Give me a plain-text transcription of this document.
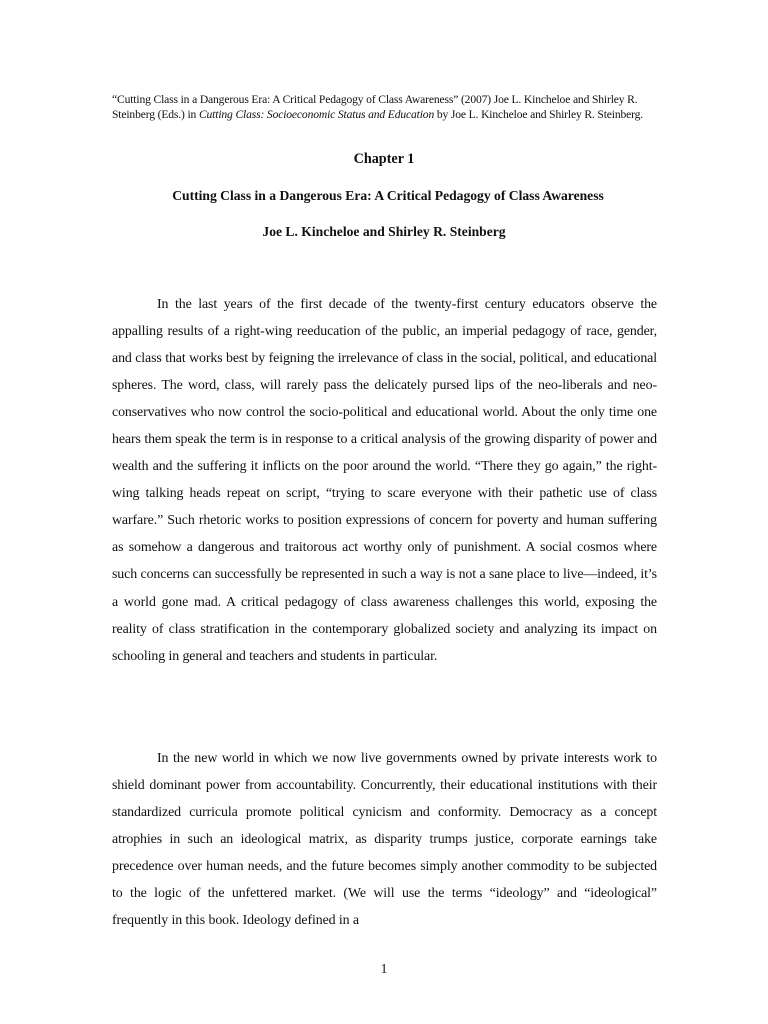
“Cutting Class in a Dangerous Era: A Critical Pedagogy of Class Awareness” (2007) Joe L. Kincheloe and Shirley R. Steinberg (Eds.) in Cutting Class: Socioeconomic Status and Education by Joe L. Kincheloe and Shirley R. Steinberg.

Chapter 1

Cutting Class in a Dangerous Era: A Critical Pedagogy of Class Awareness

Joe L. Kincheloe and Shirley R. Steinberg

In the last years of the first decade of the twenty-first century educators observe the appalling results of a right-wing reeducation of the public, an imperial pedagogy of race, gender, and class that works best by feigning the irrelevance of class in the social, political, and educational spheres. The word, class, will rarely pass the delicately pursed lips of the neo-liberals and neo-conservatives who now control the socio-political and educational world. About the only time one hears them speak the term is in response to a critical analysis of the growing disparity of power and wealth and the suffering it inflicts on the poor around the world. “There they go again,” the right-wing talking heads repeat on script, “trying to scare everyone with their pathetic use of class warfare.” Such rhetoric works to position expressions of concern for poverty and human suffering as somehow a dangerous and traitorous act worthy only of punishment. A social cosmos where such concerns can successfully be represented in such a way is not a sane place to live—indeed, it’s a world gone mad. A critical pedagogy of class awareness challenges this world, exposing the reality of class stratification in the contemporary globalized society and analyzing its impact on schooling in general and teachers and students in particular.

In the new world in which we now live governments owned by private interests work to shield dominant power from accountability. Concurrently, their educational institutions with their standardized curricula promote political cynicism and conformity. Democracy as a concept atrophies in such an ideological matrix, as disparity trumps justice, corporate earnings take precedence over human needs, and the future becomes simply another commodity to be subjected to the logic of the unfettered market. (We will use the terms “ideology” and “ideological” frequently in this book. Ideology defined in a

1
